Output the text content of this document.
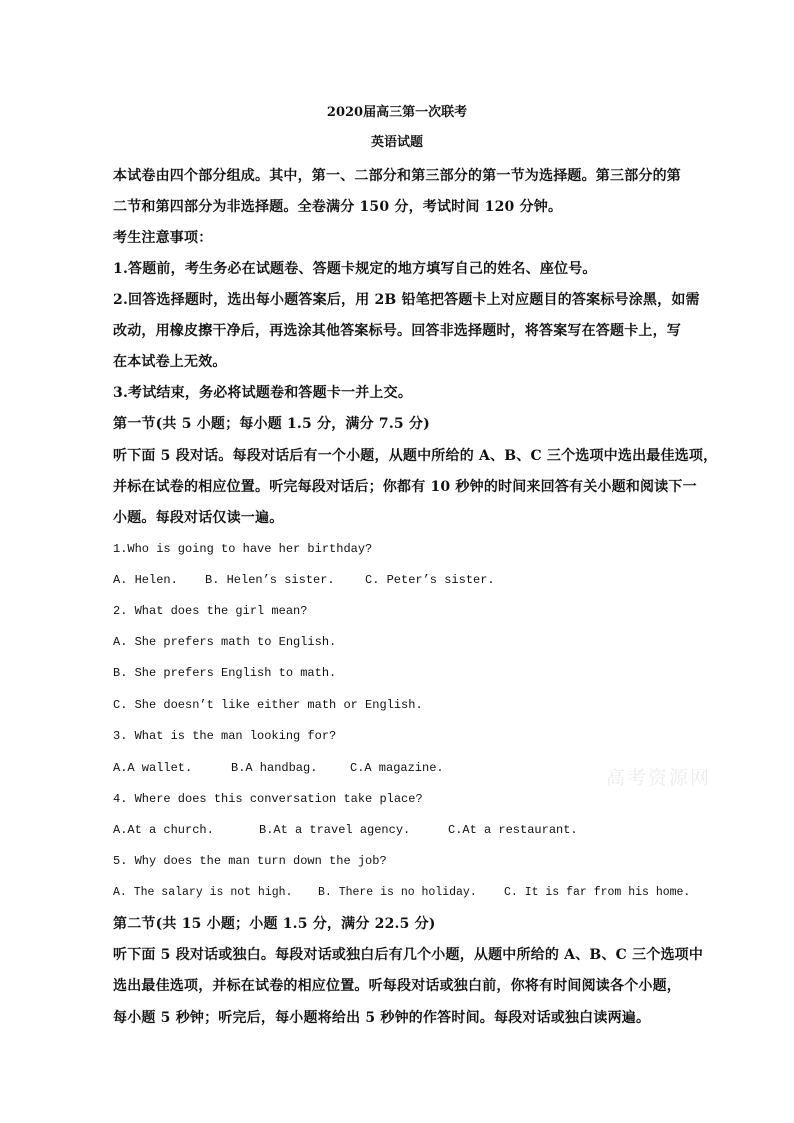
2020届高三第一次联考
英语试题
本试卷由四个部分组成。其中，第一、二部分和第三部分的第一节为选择题。第三部分的第
二节和第四部分为非选择题。全卷满分 150 分，考试时间 120 分钟。
考生注意事项：
1.答题前，考生务必在试题卷、答题卡规定的地方填写自己的姓名、座位号。
2.回答选择题时，选出每小题答案后，用 2B 铅笔把答题卡上对应题目的答案标号涂黑，如需
改动，用橡皮擦干净后，再选涂其他答案标号。回答非选择题时，将答案写在答题卡上，写
在本试卷上无效。
3.考试结束，务必将试题卷和答题卡一并上交。
第一节(共 5 小题；每小题 1.5 分，满分 7.5 分)
听下面 5 段对话。每段对话后有一个小题，从题中所给的 A、B、C 三个选项中选出最佳选项，
并标在试卷的相应位置。听完每段对话后；你都有 10 秒钟的时间来回答有关小题和阅读下一
小题。每段对话仅读一遍。
1.Who is going to have her birthday?
A. Helen. B. Helen’s sister.	C. Peter’s sister.
2. What does the girl mean?
A. She prefers math to English.
B. She prefers English to math.
C. She doesn’t like either math or English.
3. What is the man looking for?
A.A wallet.	B.A handbag.	C.A magazine.
4. Where does this conversation take place?
A.At a church.	B.At a travel agency.	C.At a restaurant.
5. Why does the man turn down the job?
A. The salary is not high. B. There is no holiday. C. It is far from his home.
第二节(共 15 小题；小题 1.5 分，满分 22.5 分)
听下面 5 段对话或独白。每段对话或独白后有几个小题，从题中所给的 A、B、C 三个选项中
选出最佳选项，并标在试卷的相应位置。听每段对话或独白前，你将有时间阅读各个小题，
每小题 5 秒钟；听完后，每小题将给出 5 秒钟的作答时间。每段对话或独白读两遍。
高考资源网
